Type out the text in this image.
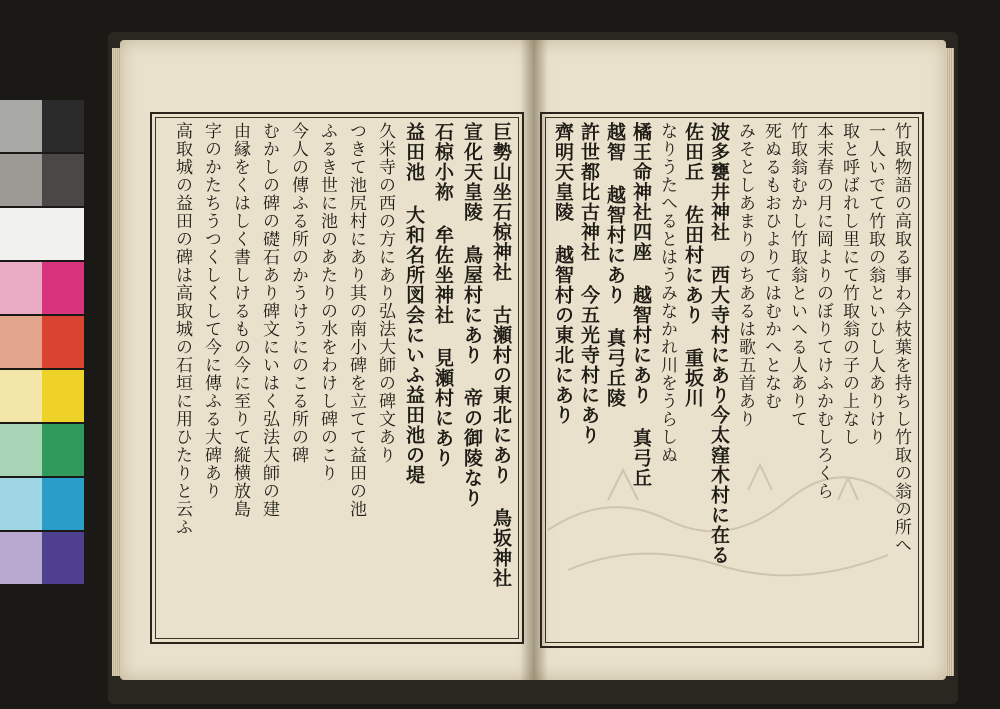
竹取物語の高取る事わ𫝆枝葉を持ちし竹取の翁の所へ
一人いでて竹取の翁といひし人ありけり
取と呼ばれし里にて竹取翁の子の上なし
本末春の月に岡よりのぼりてけふかむしろくら
竹取翁むかし竹取翁といへる人ありて
死ぬるもおひよりてはむかへとなむ
みそとしあまりのちあるは歌五首あり
波多甕井神社 西大寺村にあり今太窪木村に在る
佐田丘 佐田村にあり 重坂川
なりうたへるとはうみなかれ川をうらしぬ
橘王命神社四座 越智村にあり 真弓丘
越智 越智村にあり 真弓丘陵
許世都比古神社 今五光寺村にあり
齊明天皇陵 越智村の東北にあり
巨勢山坐石椋神社 古瀬村の東北にあり 鳥坂神社
宣化天皇陵 鳥屋村にあり 帝の御陵なり
石椋小祢 牟佐坐神社 見瀬村にあり
益田池 大和名所図会にいふ益田池の堤
久米寺の西の方にあり弘法大師の碑文あり
つきて池尻村にあり其の南小碑を立てて益田の池
ふるき世に池のあたりの水をわけし碑のこり
今人の傳ふる所のかうけうにのこる所の碑
むかしの碑の礎石あり碑文にいはく弘法大師の建
由縁をくはしく書しけるもの今に至りて縦横放島
字のかたちうつくしくして今に傳ふる大碑あり
高取城の益田の碑は高取城の石垣に用ひたりと云ふ
